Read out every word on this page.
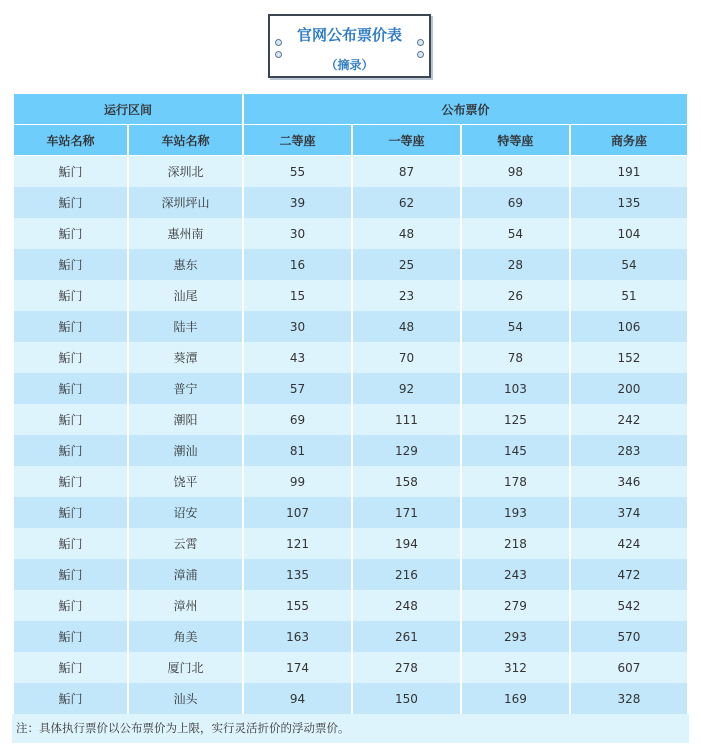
官网公布票价表
（摘录）
运行区间		公布票价			
车站名称	车站名称	二等座	一等座	特等座	商务座
鮜门	深圳北	55	87	98	191
鮜门	深圳坪山	39	62	69	135
鮜门	惠州南	30	48	54	104
鮜门	惠东	16	25	28	54
鮜门	汕尾	15	23	26	51
鮜门	陆丰	30	48	54	106
鮜门	葵潭	43	70	78	152
鮜门	普宁	57	92	103	200
鮜门	潮阳	69	111	125	242
鮜门	潮汕	81	129	145	283
鮜门	饶平	99	158	178	346
鮜门	诏安	107	171	193	374
鮜门	云霄	121	194	218	424
鮜门	漳浦	135	216	243	472
鮜门	漳州	155	248	279	542
鮜门	角美	163	261	293	570
鮜门	厦门北	174	278	312	607
鮜门	汕头	94	150	169	328
注：具体执行票价以公布票价为上限，实行灵活折价的浮动票价。
